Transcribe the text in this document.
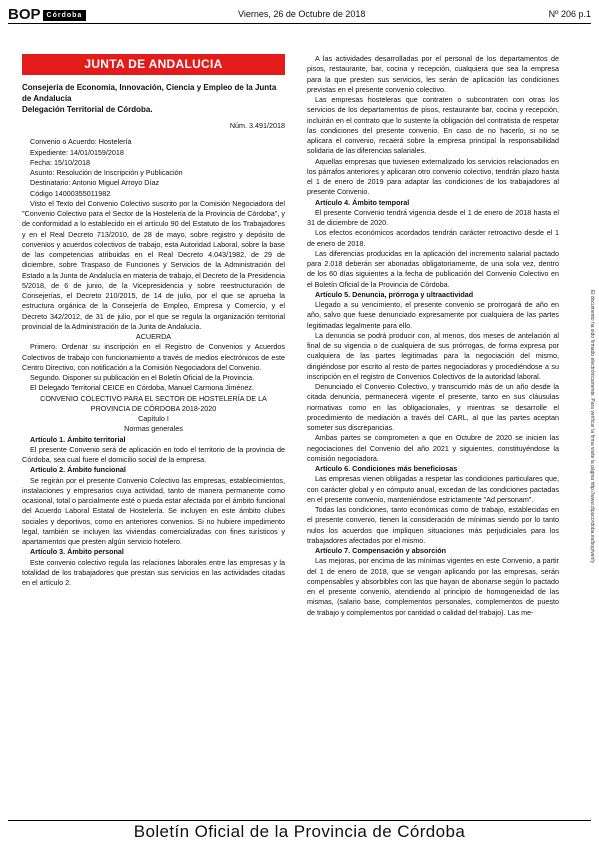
BOP Córdoba	Viernes, 26 de Octubre de 2018	Nº 206 p.1
JUNTA DE ANDALUCIA

Consejería de Economía, Innovación, Ciencia y Empleo de la Junta de Andalucía

Delegación Territorial de Córdoba.

Núm. 3.491/2018

Convenio o Acuerdo: Hostelería

Expediente: 14/01/0159/2018

Fecha: 15/10/2018

Asunto: Resolución de Inscripción y Publicación

Destinatario: Antonio Miguel Arroyo Díaz

Código 14000355011982

Visto el Texto del Convenio Colectivo suscrito por la Comisión Negociadora del "Convenio Colectivo para el Sector de la Hostelería de la Provincia de Córdoba", y de conformidad a lo establecido en el artículo 90 del Estatuto de los Trabajadores y en el Real Decreto 713/2010, de 28 de mayo, sobre registro y depósito de convenios y acuerdos colectivos de trabajo, esta Autoridad Laboral, sobre la base de las competencias atribuidas en el Real Decreto 4.043/1982, de 29 de diciembre, sobre Traspaso de Funciones y Servicios de la Administración del Estado a la Junta de Andalucía en materia de trabajo, el Decreto de la Presidencia 5/2018, de 6 de junio, de la Vicepresidencia y sobre reestructuración de Consejerías, el Decreto 210/2015, de 14 de julio, por el que se aprueba la estructura orgánica de la Consejería de Empleo, Empresa y Comercio, y el Decreto 342/2012, de 31 de julio, por el que se regula la organización territorial provincial de la Administración de la Junta de Andalucía.

ACUERDA

Primero. Ordenar su inscripción en el Registro de Convenios y Acuerdos Colectivos de trabajo con funcionamiento a través de medios electrónicos de este Centro Directivo, con notificación a la Comisión Negociadora del Convenio.

Segundo. Disponer su publicación en el Boletín Oficial de la Provincia.

El Delegado Territorial CEICE en Córdoba, Manuel Carmona Jiménez.

CONVENIO COLECTIVO PARA EL SECTOR DE HOSTELERÍA DE LA PROVINCIA DE CÓRDOBA 2018-2020

Capítulo I

Normas generales

Artículo 1. Ámbito territorial

El presente Convenio será de aplicación en todo el territorio de la provincia de Córdoba, sea cual fuere el domicilio social de la empresa.

Artículo 2. Ámbito funcional

Se regirán por el presente Convenio Colectivo las empresas, establecimientos, instalaciones y empresarios cuya actividad, tanto de manera permanente como ocasional, total o parcialmente esté o pueda estar afectada por el ámbito funcional del Acuerdo Laboral Estatal de Hostelería. Se incluyen en este ámbito clubes sociales y deportivos, como en anteriores convenios. Si no hubiere impedimento legal, también se incluyen las viviendas comercializadas con fines turísticos y apartamentos que presten algún servicio hotelero.

Artículo 3. Ámbito personal

Este convenio colectivo regula las relaciones laborales entre las empresas y la totalidad de los trabajadores que prestan sus servicios en las actividades citadas en el artículo 2.

A las actividades desarrolladas por el personal de los departamentos de pisos, restaurante, bar, cocina y recepción, cualquiera que sea la empresa para la que presten sus servicios, les serán de aplicación las condiciones previstas en el presente convenio colectivo.

Las empresas hosteleras que contraten o subcontraten con otras los servicios de los departamentos de pisos, restaurante bar, cocina y recepción, incluirán en el contrato que lo sustente la obligación del contratista de respetar las condiciones del presente convenio. En caso de no hacerlo, si no se aplicara el convenio, recaerá sobre la empresa principal la responsabilidad solidaria de las diferencias salariales.

Aquellas empresas que tuviesen externalizado los servicios relacionados en los párrafos anteriores y aplicaran otro convenio colectivo, tendrán plazo hasta el 1 de enero de 2019 para adaptar las condiciones de los trabajadores al presente Convenio.

Artículo 4. Ámbito temporal

El presente Convenio tendrá vigencia desde el 1 de enero de 2018 hasta el 31 de diciembre de 2020.

Los efectos económicos acordados tendrán carácter retroactivo desde el 1 de enero de 2018.

Las diferencias producidas en la aplicación del incremento salarial pactado para 2.018 deberán ser abonadas obligatoriamente, de una sola vez, dentro de los 60 días siguientes a la fecha de publicación del Convenio Colectivo en el Boletín Oficial de la Provincia de Córdoba.

Artículo 5. Denuncia, prórroga y ultraactividad

Llegado a su vencimiento, el presente convenio se prorrogará de año en año, salvo que fuese denunciado expresamente por cualquiera de las partes legitimadas legalmente para ello.

La denuncia se podrá producir con, al menos, dos meses de antelación al final de su vigencia o de cualquiera de sus prórrogas, de forma expresa por cualquiera de las partes legitimadas para la negociación del mismo, dirigiéndose por escrito al resto de partes negociadoras y procediéndose a su inscripción en el registro de Convenios Colectivos de la autoridad laboral.

Denunciado el Convenio Colectivo, y transcurrido más de un año desde la citada denuncia, permanecerá vigente el presente, tanto en sus cláusulas normativas como en las obligacionales, y mientras se desarrolle el procedimiento de mediación a través del CARL, al que las partes aceptan someter sus discrepancias.

Ambas partes se comprometen a que en Octubre de 2020 se inicien las negociaciones del Convenio del año 2021 y siguientes, constituyéndose la comisión negociadora.

Artículo 6. Condiciones más beneficiosas

Las empresas vienen obligadas a respetar las condiciones particulares que, con carácter global y en cómputo anual, excedan de las condiciones pactadas en el presente convenio, manteniéndose estrictamente "Ad personam".

Todas las condiciones, tanto económicas como de trabajo, establecidas en el presente convenio, tienen la consideración de mínimas siendo por lo tanto nulos los acuerdos que impliquen situaciones más perjudiciales para los trabajadores afectados por el mismo.

Artículo 7. Compensación y absorción

Las mejoras, por encima de las mínimas vigentes en este Convenio, a partir del 1 de enero de 2018, que se vengan aplicando por las empresas, serán compensables y absorbibles con las que hayan de abonarse según lo pactado en el presente convenio, atendiendo al principio de homogeneidad de las mismas, (salario base, complementos personales, complementos de puesto de trabajo y complementos por cantidad o calidad del trabajo). Las me-

El documento ha sido firmado electrónicamente. Para verificar la firma visite la página http://www.dipucordoba.es/bop/verify
Boletín Oficial de la Provincia de Córdoba
